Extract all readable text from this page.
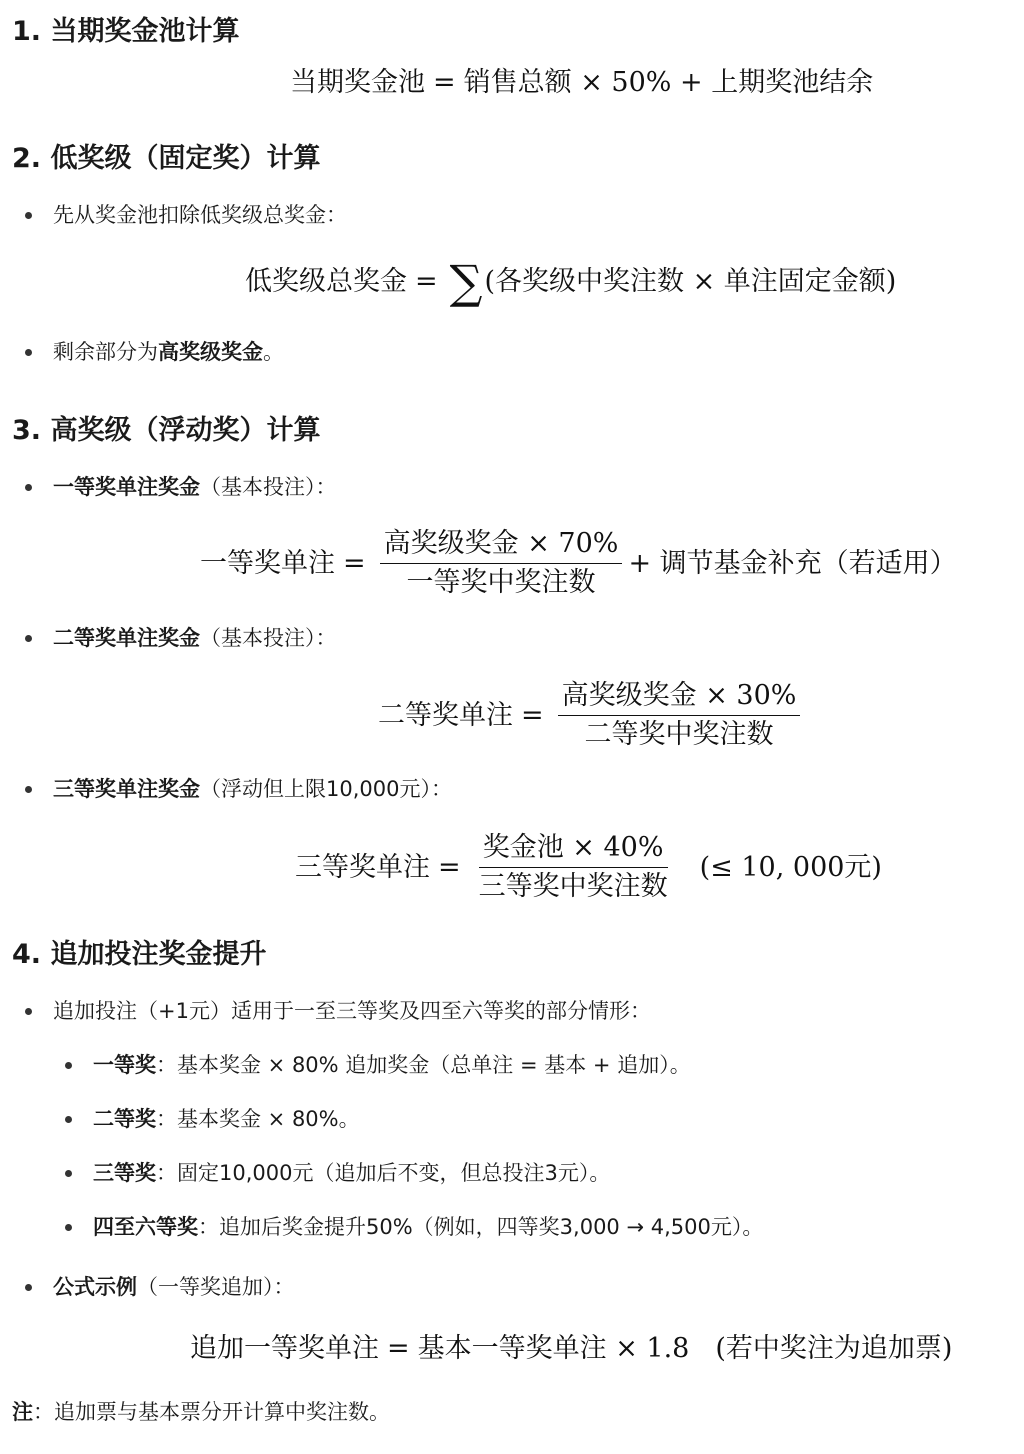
1. 当期奖金池计算
当期奖金池 = 销售总额 × 50% + 上期奖池结余
2. 低奖级（固定奖）计算
先从奖金池扣除低奖级总奖金：
低奖级总奖金 = ∑ (各奖级中奖注数 × 单注固定金额)
剩余部分为高奖级奖金。
3. 高奖级（浮动奖）计算
一等奖单注奖金（基本投注）：
一等奖单注 = $\frac{\text{高奖级奖金 × 70\%}}{\text{一等奖中奖注数}}$ + 调节基金补充（若适用）
二等奖单注奖金（基本投注）：
二等奖单注 = $\frac{\text{高奖级奖金 × 30\%}}{\text{二等奖中奖注数}}$
三等奖单注奖金（浮动但上限10,000元）：
三等奖单注 = $\frac{\text{奖金池 × 40\%}}{\text{三等奖中奖注数}}$ (≤ 10, 000元)
4. 追加投注奖金提升
追加投注（+1元）适用于一至三等奖及四至六等奖的部分情形：
一等奖：基本奖金 × 80% 追加奖金（总单注 = 基本 + 追加）。
二等奖：基本奖金 × 80%。
三等奖：固定10,000元（追加后不变，但总投注3元）。
四至六等奖：追加后奖金提升50%（例如，四等奖3,000 → 4,500元）。
公式示例（一等奖追加）：
追加一等奖单注 = 基本一等奖单注 × 1.8 (若中奖注为追加票)
注：追加票与基本票分开计算中奖注数。
